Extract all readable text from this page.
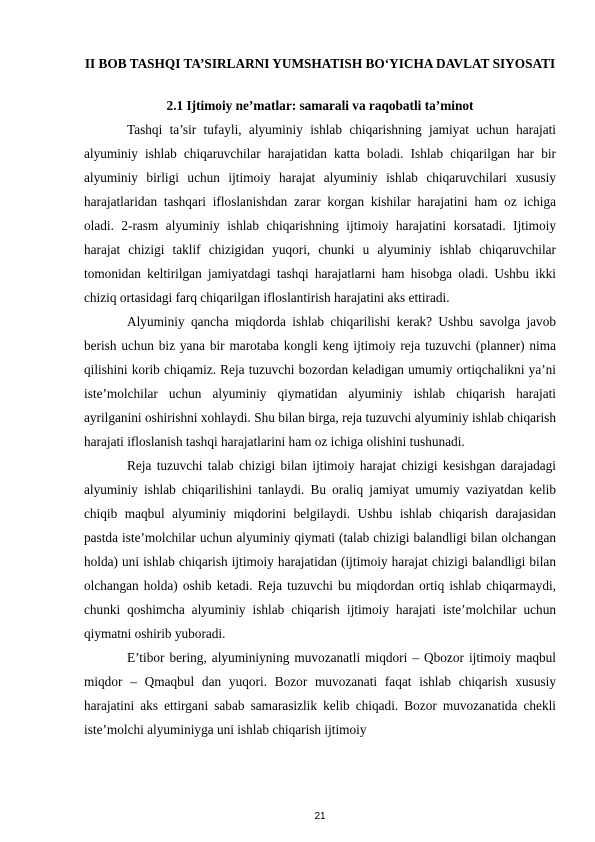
II BOB TASHQI TA’SIRLARNI YUMSHATISH BO‘YICHA DAVLAT SIYOSATI
2.1 Ijtimoiy ne’matlar: samarali va raqobatli ta’minot

Tashqi ta’sir tufayli, alyuminiy ishlab chiqarishning jamiyat uchun harajati alyuminiy ishlab chiqaruvchilar harajatidan katta boladi. Ishlab chiqarilgan har bir alyuminiy birligi uchun ijtimoiy harajat alyuminiy ishlab chiqaruvchilari xususiy harajatlaridan tashqari ifloslanishdan zarar korgan kishilar harajatini ham oz ichiga oladi. 2-rasm alyuminiy ishlab chiqarishning ijtimoiy harajatini korsatadi. Ijtimoiy harajat chizigi taklif chizigidan yuqori, chunki u alyuminiy ishlab chiqaruvchilar tomonidan keltirilgan jamiyatdagi tashqi harajatlarni ham hisobga oladi. Ushbu ikki chiziq ortasidagi farq chiqarilgan ifloslantirish harajatini aks ettiradi.

Alyuminiy qancha miqdorda ishlab chiqarilishi kerak? Ushbu savolga javob berish uchun biz yana bir marotaba kongli keng ijtimoiy reja tuzuvchi (planner) nima qilishini korib chiqamiz. Reja tuzuvchi bozordan keladigan umumiy ortiqchalikni ya’ni iste’molchilar uchun alyuminiy qiymatidan alyuminiy ishlab chiqarish harajati ayrilganini oshirishni xohlaydi. Shu bilan birga, reja tuzuvchi alyuminiy ishlab chiqarish harajati ifloslanish tashqi harajatlarini ham oz ichiga olishini tushunadi.

Reja tuzuvchi talab chizigi bilan ijtimoiy harajat chizigi kesishgan darajadagi alyuminiy ishlab chiqarilishini tanlaydi. Bu oraliq jamiyat umumiy vaziyatdan kelib chiqib maqbul alyuminiy miqdorini belgilaydi. Ushbu ishlab chiqarish darajasidan pastda iste’molchilar uchun alyuminiy qiymati (talab chizigi balandligi bilan olchangan holda) uni ishlab chiqarish ijtimoiy harajatidan (ijtimoiy harajat chizigi balandligi bilan olchangan holda) oshib ketadi. Reja tuzuvchi bu miqdordan ortiq ishlab chiqarmaydi, chunki qoshimcha alyuminiy ishlab chiqarish ijtimoiy harajati iste’molchilar uchun qiymatni oshirib yuboradi.

E’tibor bering, alyuminiyning muvozanatli miqdori – Qbozor ijtimoiy maqbul miqdor – Qmaqbul dan yuqori. Bozor muvozanati faqat ishlab chiqarish xususiy harajatini aks ettirgani sabab samarasizlik kelib chiqadi. Bozor muvozanatida chekli iste’molchi alyuminiyga uni ishlab chiqarish ijtimoiy

21
